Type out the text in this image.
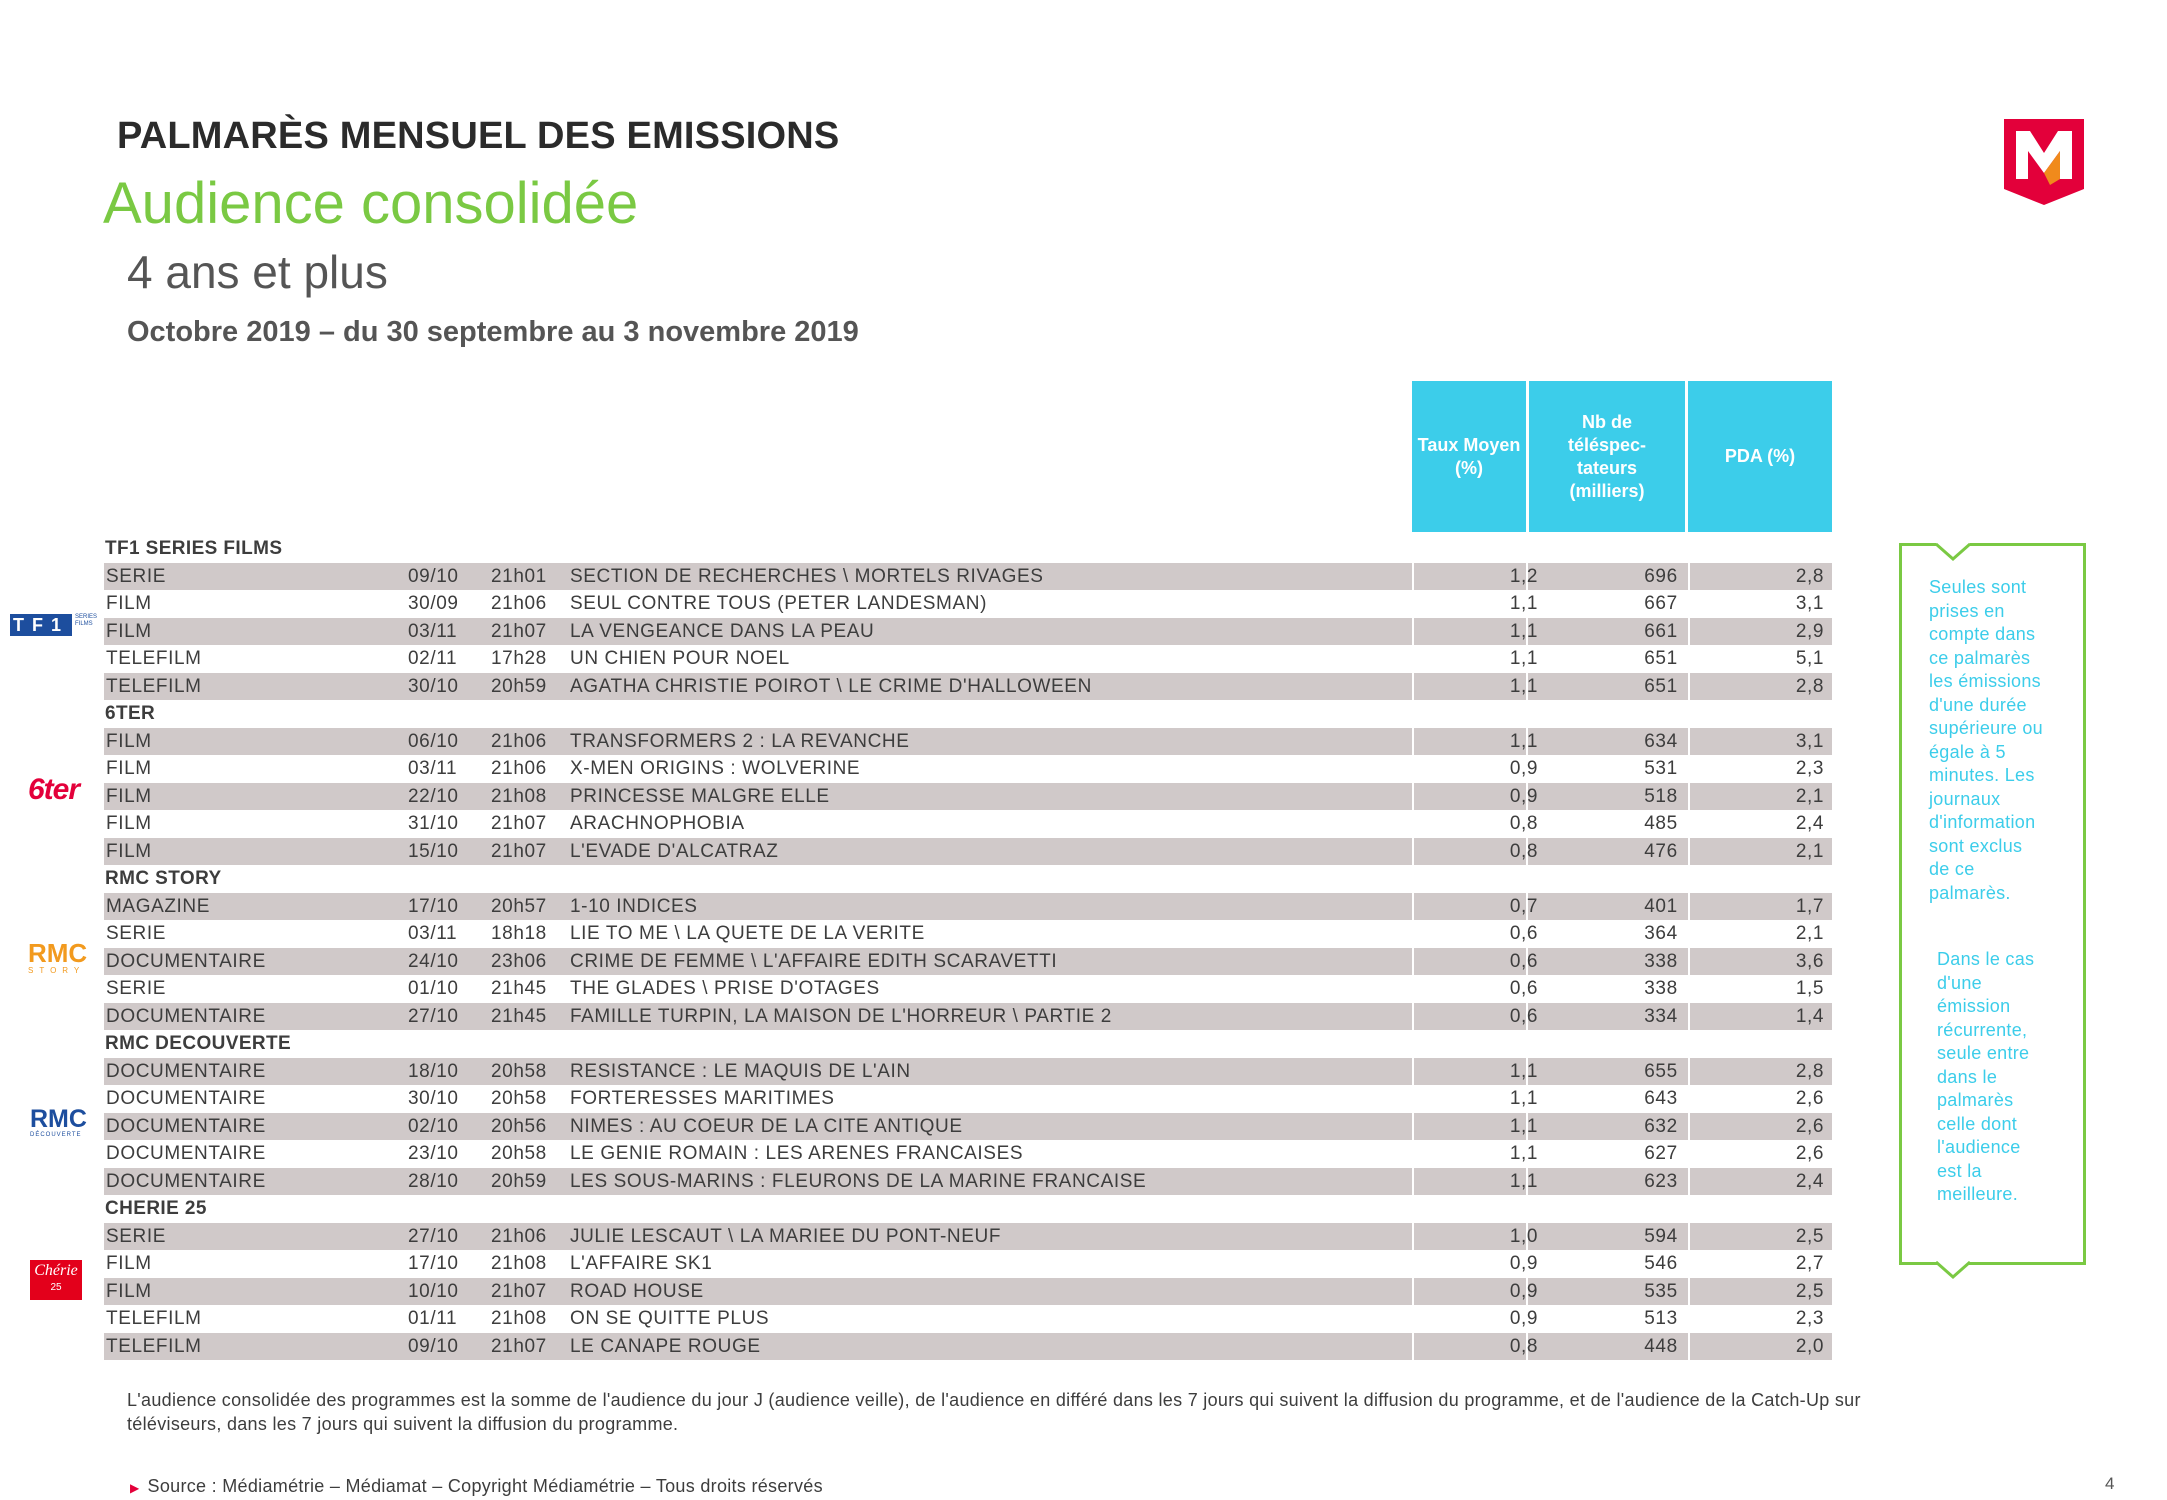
PALMARÈS MENSUEL DES EMISSIONS
Audience consolidée
4 ans et plus
Octobre 2019 – du 30 septembre au 3 novembre 2019
Taux Moyen (%)
Nb de
téléspec-
tateurs
(milliers)
PDA (%)
TF1 SERIES FILMS
SERIE	09/10 21h01 SECTION DE RECHERCHES \ MORTELS RIVAGES	1,2	696	2,8
FILM	30/09 21h06 SEUL CONTRE TOUS (PETER LANDESMAN)	1,1	667	3,1
FILM	03/11 21h07 LA VENGEANCE DANS LA PEAU	1,1	661	2,9
TELEFILM	02/11 17h28 UN CHIEN POUR NOEL	1,1	651	5,1
TELEFILM	30/10 20h59 AGATHA CHRISTIE POIROT \ LE CRIME D'HALLOWEEN	1,1	651	2,8
6TER
FILM	06/10 21h06 TRANSFORMERS 2 : LA REVANCHE	1,1	634	3,1
FILM	03/11 21h06 X-MEN ORIGINS : WOLVERINE	0,9	531	2,3
FILM	22/10 21h08 PRINCESSE MALGRE ELLE	0,9	518	2,1
FILM	31/10 21h07 ARACHNOPHOBIA	0,8	485	2,4
FILM	15/10 21h07 L'EVADE D'ALCATRAZ	0,8	476	2,1
RMC STORY
MAGAZINE	17/10 20h57 1-10 INDICES	0,7	401	1,7
SERIE	03/11 18h18 LIE TO ME \ LA QUETE DE LA VERITE	0,6	364	2,1
DOCUMENTAIRE	24/10 23h06 CRIME DE FEMME \ L'AFFAIRE EDITH SCARAVETTI	0,6	338	3,6
SERIE	01/10 21h45 THE GLADES \ PRISE D'OTAGES	0,6	338	1,5
DOCUMENTAIRE	27/10 21h45 FAMILLE TURPIN, LA MAISON DE L'HORREUR \ PARTIE 2	0,6	334	1,4
RMC DECOUVERTE
DOCUMENTAIRE	18/10 20h58 RESISTANCE : LE MAQUIS DE L'AIN	1,1	655	2,8
DOCUMENTAIRE	30/10 20h58 FORTERESSES MARITIMES	1,1	643	2,6
DOCUMENTAIRE	02/10 20h56 NIMES : AU COEUR DE LA CITE ANTIQUE	1,1	632	2,6
DOCUMENTAIRE	23/10 20h58 LE GENIE ROMAIN : LES ARENES FRANCAISES	1,1	627	2,6
DOCUMENTAIRE	28/10 20h59 LES SOUS-MARINS : FLEURONS DE LA MARINE FRANCAISE	1,1	623	2,4
CHERIE 25
SERIE	27/10 21h06 JULIE LESCAUT \ LA MARIEE DU PONT-NEUF	1,0	594	2,5
FILM	17/10 21h08 L'AFFAIRE SK1	0,9	546	2,7
FILM	10/10 21h07 ROAD HOUSE	0,9	535	2,5
TELEFILM	01/11 21h08 ON SE QUITTE PLUS	0,9	513	2,3
TELEFILM	09/10 21h07 LE CANAPE ROUGE	0,8	448	2,0
TF1 SERIES FILMS
6ter
RMC
STORY
RMC
DÉCOUVERTE
Chérie
25
Seules sont
prises en
compte dans
ce palmarès
les émissions
d'une durée
supérieure ou
égale à 5
minutes. Les
journaux
d'information
sont exclus
de ce
palmarès.
Dans le cas
d'une
émission
récurrente,
seule entre
dans le
palmarès
celle dont
l'audience
est la
meilleure.
L'audience consolidée des programmes est la somme de l'audience du jour J (audience veille), de l'audience en différé dans les 7 jours qui suivent la diffusion du programme, et de l'audience de la Catch-Up sur téléviseurs, dans les 7 jours qui suivent la diffusion du programme.
▶ Source : Médiamétrie – Médiamat – Copyright Médiamétrie – Tous droits réservés	4
